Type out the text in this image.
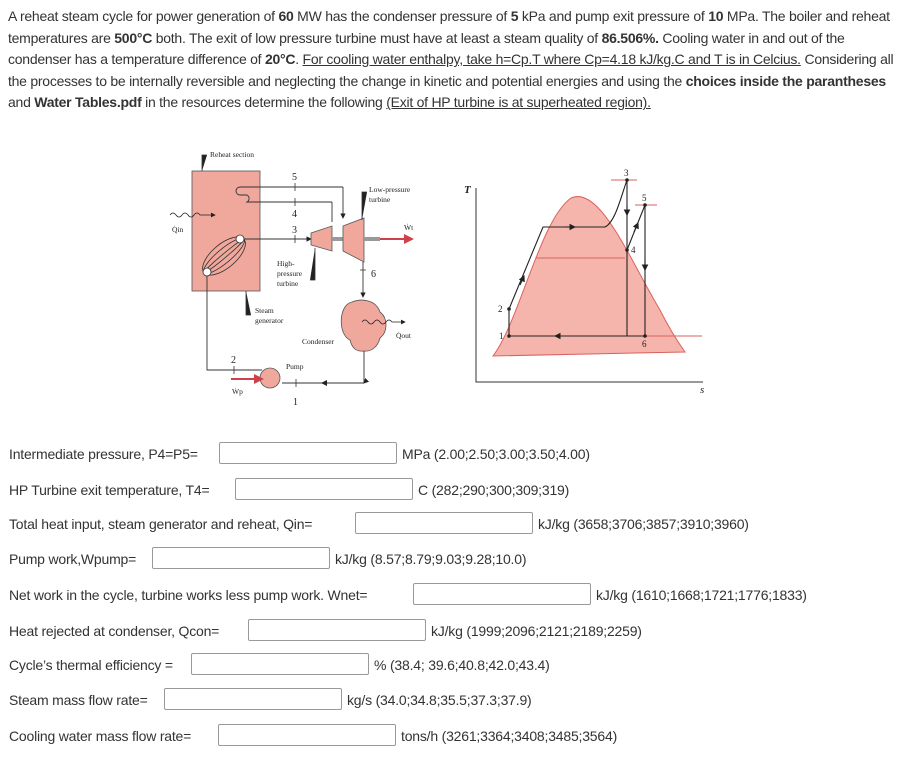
A reheat steam cycle for power generation of 60 MW has the condenser pressure of 5 kPa and pump exit pressure of 10 MPa. The boiler and reheat temperatures are 500°C both. The exit of low pressure turbine must have at least a steam quality of 86.506%. Cooling water in and out of the condenser has a temperature difference of 20°C. For cooling water enthalpy, take h=Cp.T where Cp=4.18 kJ/kg.C and T is in Celcius. Considering all the processes to be internally reversible and neglecting the change in kinetic and potential energies and using the choices inside the parantheses and Water Tables.pdf in the resources determine the following (Exit of HP turbine is at superheated region).

Reheat section
Low-pressure
turbine
High-
pressure
turbine
Steam
generator
Condenser
Pump
Q̇in
Q̇out
Ẇt
Ẇp
1
2
3
4
5
6
T
s
1
2
3
4
5
6
Intermediate pressure, P4=P5=	MPa (2.00;2.50;3.00;3.50;4.00)
HP Turbine exit temperature, T4=	C (282;290;300;309;319)
Total heat input, steam generator and reheat, Qin=	kJ/kg (3658;3706;3857;3910;3960)
Pump work,Wpump=	kJ/kg (8.57;8.79;9.03;9.28;10.0)
Net work in the cycle, turbine works less pump work. Wnet=	kJ/kg (1610;1668;1721;1776;1833)
Heat rejected at condenser, Qcon=	kJ/kg (1999;2096;2121;2189;2259)
Cycle’s thermal efficiency =	% (38.4; 39.6;40.8;42.0;43.4)
Steam mass flow rate=	kg/s (34.0;34.8;35.5;37.3;37.9)
Cooling water mass flow rate=	tons/h (3261;3364;3408;3485;3564)
